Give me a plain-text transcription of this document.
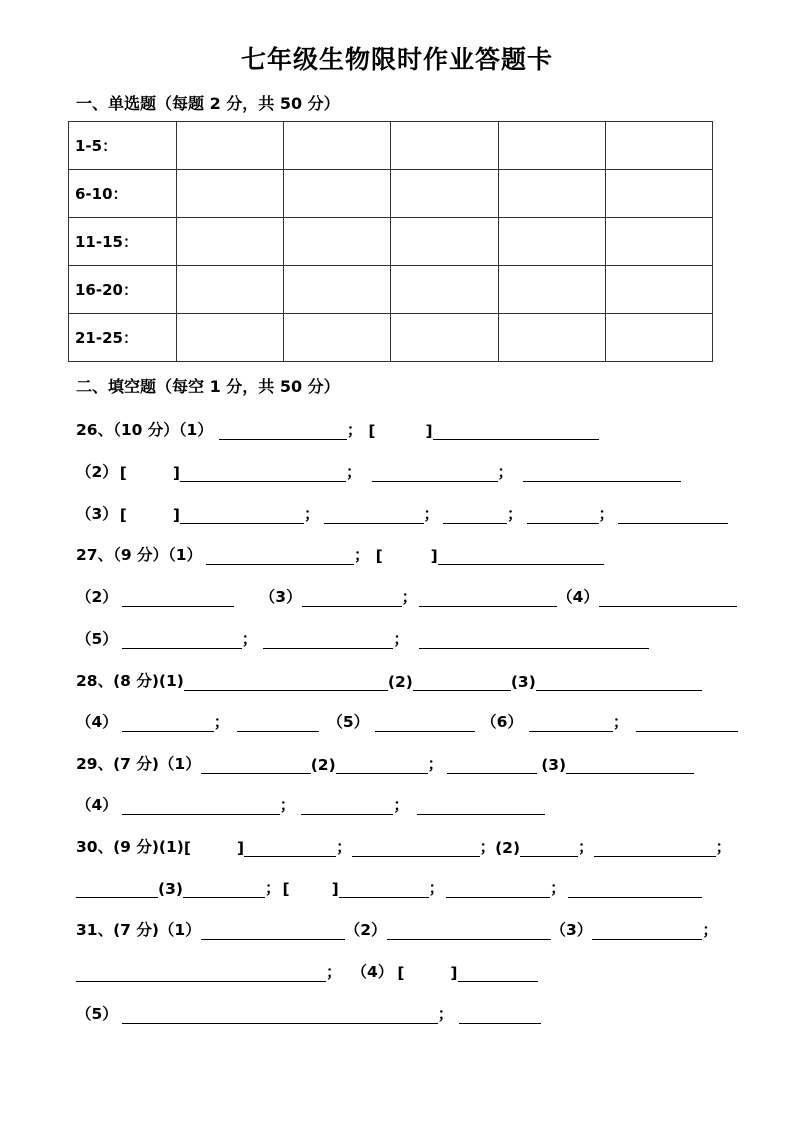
七年级生物限时作业答题卡
一、单选题（每题 2 分，共 50 分）
1-5：					
6-10：					
11-15：					
16-20：					
21-25：					
二、填空题（每空 1 分，共 50 分）
26、（10 分）（1）	； [	]
（2） [	]	；	；
（3） [	]	；	；	；	；
27、（9 分）（1）	； [	]
（2）	（3）	；	（4）
（5）	；	；
28、(8 分)(1)	(2)	(3)
（4）	；	（5）	（6）	；
29、(7 分)（1）	(2)	；	(3)
（4）	；	；
30、(9 分)(1) [	]	；	； (2)	；	；
(3)	； [	]	；	；
31、(7 分)（1）	（2）	（3）	；
； （4） [	]
（5）	；
